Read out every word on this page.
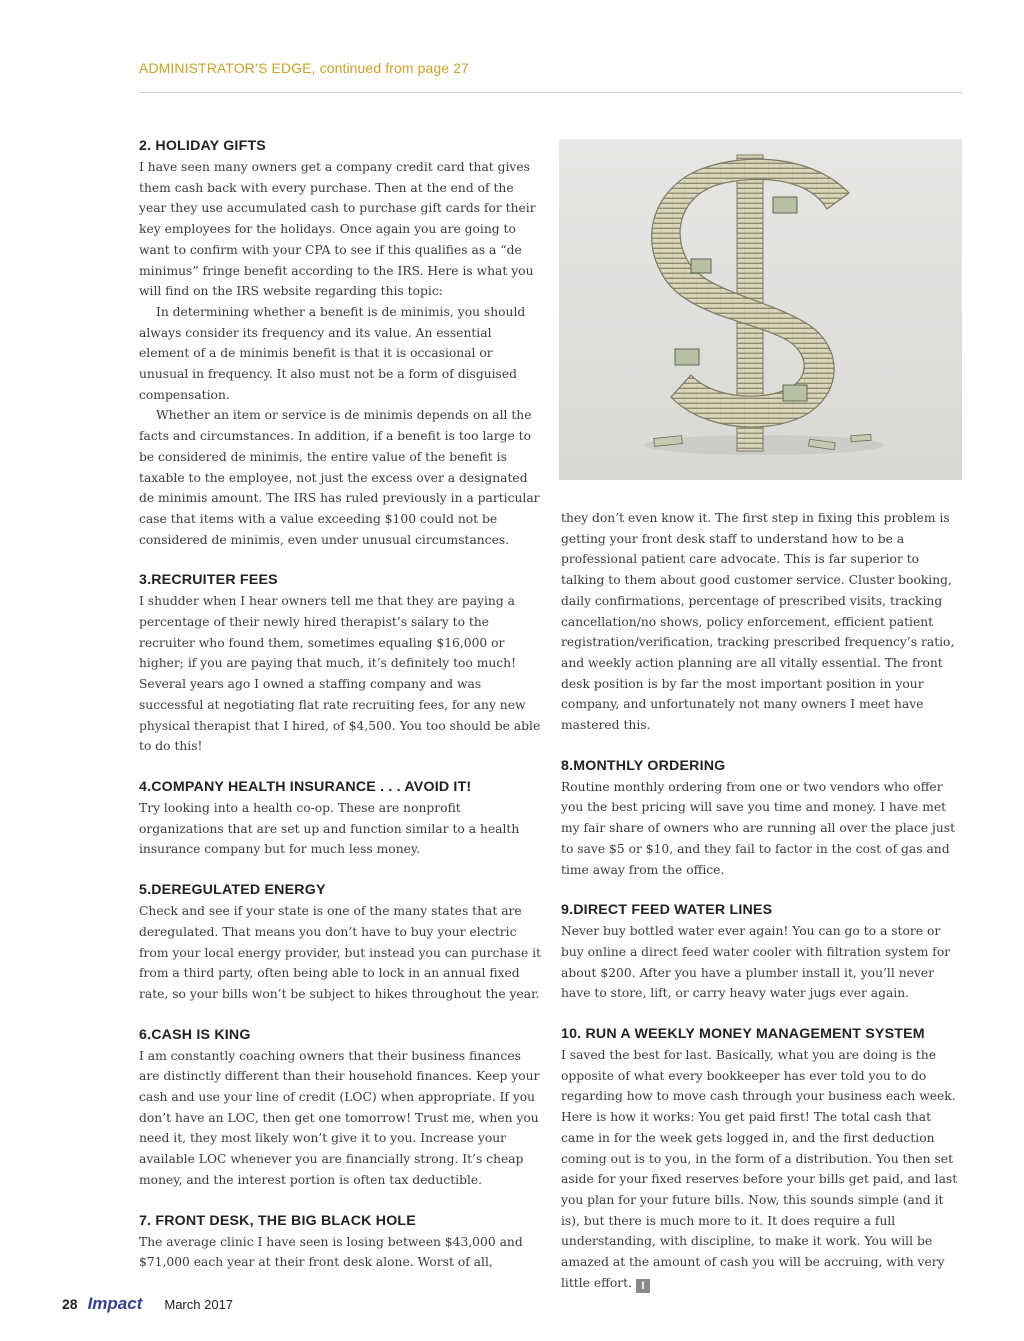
ADMINISTRATOR’S EDGE, continued from page 27
2. HOLIDAY GIFTS

I have seen many owners get a company credit card that gives them cash back with every purchase. Then at the end of the year they use accumulated cash to purchase gift cards for their key employees for the holidays. Once again you are going to want to confirm with your CPA to see if this qualifies as a “de minimus” fringe benefit according to the IRS. Here is what you will find on the IRS website regarding this topic:

In determining whether a benefit is de minimis, you should always consider its frequency and its value. An essential element of a de minimis benefit is that it is occasional or unusual in frequency. It also must not be a form of disguised compensation.

Whether an item or service is de minimis depends on all the facts and circumstances. In addition, if a benefit is too large to be considered de minimis, the entire value of the benefit is taxable to the employee, not just the excess over a designated de minimis amount. The IRS has ruled previously in a particular case that items with a value exceeding $100 could not be considered de minimis, even under unusual circumstances.

3.RECRUITER FEES

I shudder when I hear owners tell me that they are paying a percentage of their newly hired therapist’s salary to the recruiter who found them, sometimes equaling $16,000 or higher; if you are paying that much, it’s definitely too much! Several years ago I owned a staffing company and was successful at negotiating flat rate recruiting fees, for any new physical therapist that I hired, of $4,500. You too should be able to do this!

4.COMPANY HEALTH INSURANCE . . . AVOID IT!

Try looking into a health co-op. These are nonprofit organizations that are set up and function similar to a health insurance company but for much less money.

5.DEREGULATED ENERGY

Check and see if your state is one of the many states that are deregulated. That means you don’t have to buy your electric from your local energy provider, but instead you can purchase it from a third party, often being able to lock in an annual fixed rate, so your bills won’t be subject to hikes throughout the year.

6.CASH IS KING

I am constantly coaching owners that their business finances are distinctly different than their household finances. Keep your cash and use your line of credit (LOC) when appropriate. If you don’t have an LOC, then get one tomorrow! Trust me, when you need it, they most likely won’t give it to you. Increase your available LOC whenever you are financially strong. It’s cheap money, and the interest portion is often tax deductible.

7. FRONT DESK, THE BIG BLACK HOLE

The average clinic I have seen is losing between $43,000 and $71,000 each year at their front desk alone. Worst of all,

they don’t even know it. The first step in fixing this problem is getting your front desk staff to understand how to be a professional patient care advocate. This is far superior to talking to them about good customer service. Cluster booking, daily confirmations, percentage of prescribed visits, tracking cancellation/no shows, policy enforcement, efficient patient registration/verification, tracking prescribed frequency’s ratio, and weekly action planning are all vitally essential. The front desk position is by far the most important position in your company, and unfortunately not many owners I meet have mastered this.

8.MONTHLY ORDERING

Routine monthly ordering from one or two vendors who offer you the best pricing will save you time and money. I have met my fair share of owners who are running all over the place just to save $5 or $10, and they fail to factor in the cost of gas and time away from the office.

9.DIRECT FEED WATER LINES

Never buy bottled water ever again! You can go to a store or buy online a direct feed water cooler with filtration system for about $200. After you have a plumber install it, you’ll never have to store, lift, or carry heavy water jugs ever again.

10. RUN A WEEKLY MONEY MANAGEMENT SYSTEM

I saved the best for last. Basically, what you are doing is the opposite of what every bookkeeper has ever told you to do regarding how to move cash through your business each week. Here is how it works: You get paid first! The total cash that came in for the week gets logged in, and the first deduction coming out is to you, in the form of a distribution. You then set aside for your fixed reserves before your bills get paid, and last you plan for your future bills. Now, this sounds simple (and it is), but there is much more to it. It does require a full understanding, with discipline, to make it work. You will be amazed at the amount of cash you will be accruing, with very little effort. I

28 Impact March 2017
